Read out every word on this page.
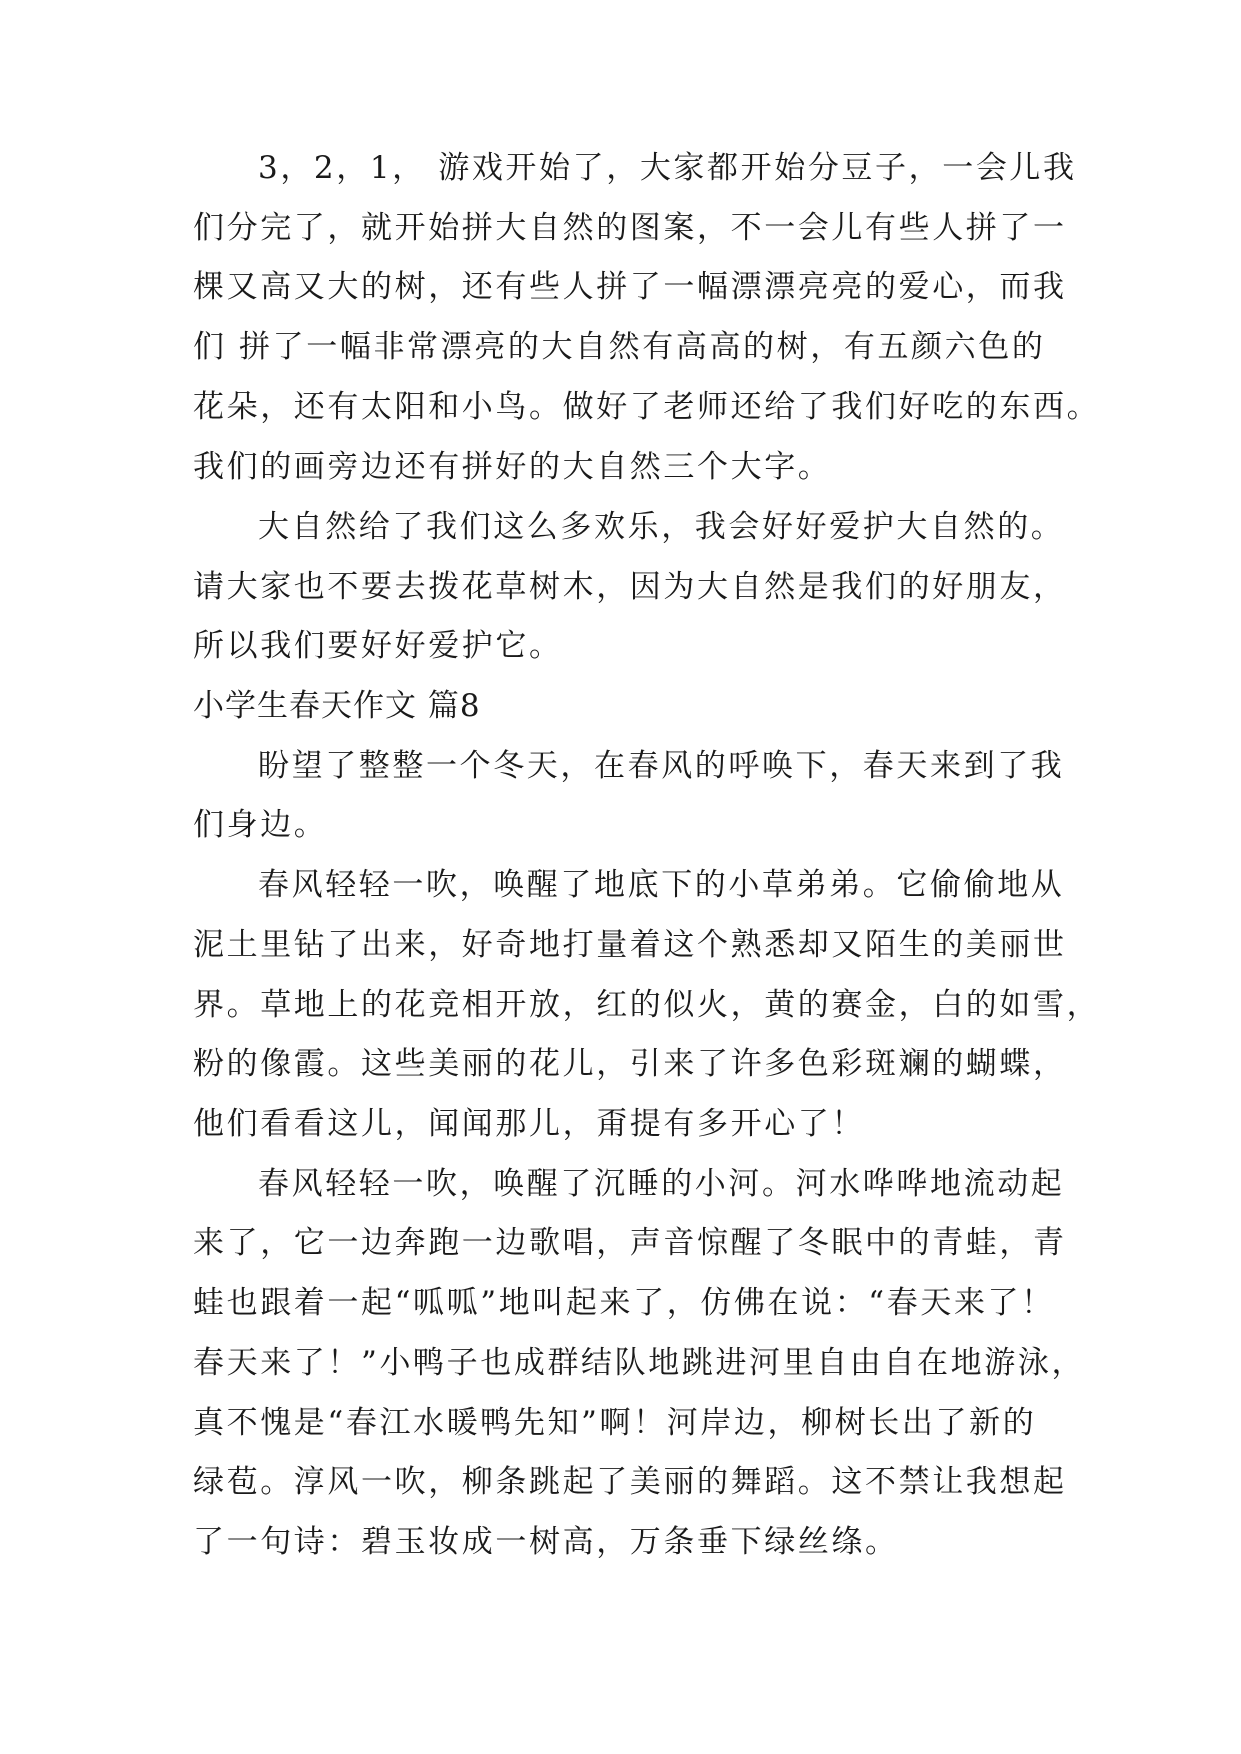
3，2，1， 游戏开始了，大家都开始分豆子，一会儿我
们分完了，就开始拼大自然的图案，不一会儿有些人拼了一
棵又高又大的树，还有些人拼了一幅漂漂亮亮的爱心，而我
们 拼了一幅非常漂亮的大自然有高高的树，有五颜六色的
花朵，还有太阳和小鸟。做好了老师还给了我们好吃的东西。
我们的画旁边还有拼好的大自然三个大字。
大自然给了我们这么多欢乐，我会好好爱护大自然的。
请大家也不要去拨花草树木，因为大自然是我们的好朋友，
所以我们要好好爱护它。
小学生春天作文 篇8
盼望了整整一个冬天，在春风的呼唤下，春天来到了我
们身边。
春风轻轻一吹，唤醒了地底下的小草弟弟。它偷偷地从
泥土里钻了出来，好奇地打量着这个熟悉却又陌生的美丽世
界。草地上的花竞相开放，红的似火，黄的赛金，白的如雪，
粉的像霞。这些美丽的花儿，引来了许多色彩斑斓的蝴蝶，
他们看看这儿，闻闻那儿，甭提有多开心了！
春风轻轻一吹，唤醒了沉睡的小河。河水哗哗地流动起
来了，它一边奔跑一边歌唱，声音惊醒了冬眠中的青蛙，青
蛙也跟着一起“呱呱”地叫起来了，仿佛在说：“春天来了！
春天来了！”小鸭子也成群结队地跳进河里自由自在地游泳，
真不愧是“春江水暖鸭先知”啊！河岸边，柳树长出了新的
绿苞。淳风一吹，柳条跳起了美丽的舞蹈。这不禁让我想起
了一句诗：碧玉妆成一树高，万条垂下绿丝绦。
